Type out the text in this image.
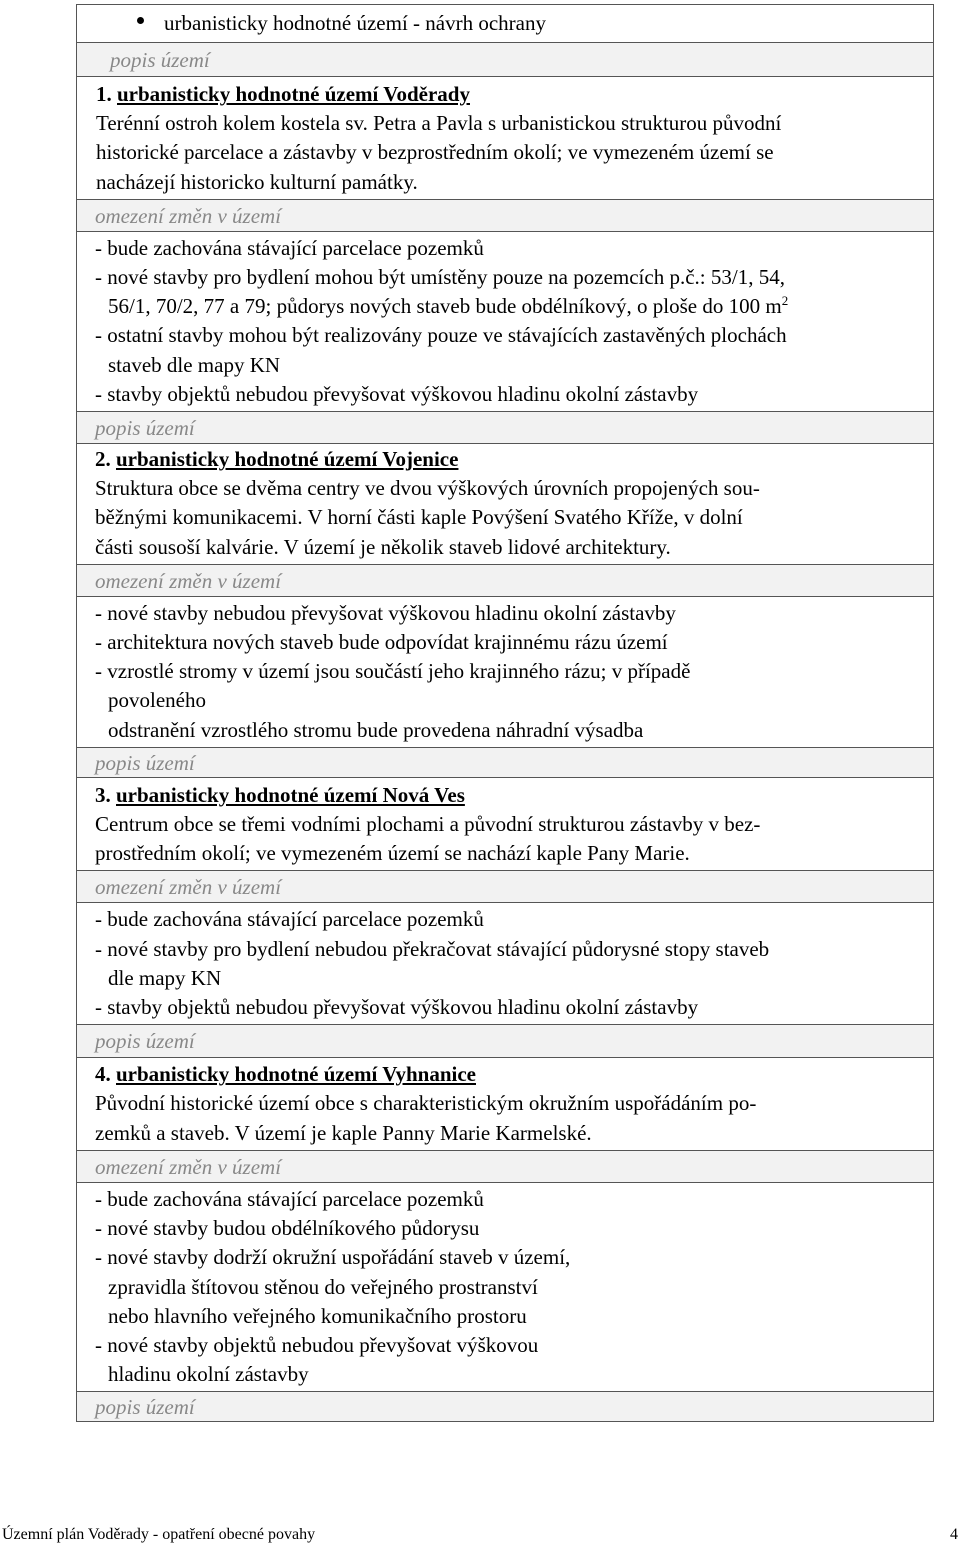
urbanisticky hodnotné území - návrh ochrany
popis území
1. urbanisticky hodnotné území Voděrady
Terénní ostroh kolem kostela sv. Petra a Pavla s urbanistickou strukturou původní
historické parcelace a zástavby v bezprostředním okolí; ve vymezeném území se
nacházejí historicko kulturní památky.
omezení změn v území
- bude zachována stávající parcelace pozemků
- nové stavby pro bydlení mohou být umístěny pouze na pozemcích p.č.: 53/1, 54,
56/1, 70/2, 77 a 79; půdorys nových staveb bude obdélníkový, o ploše do 100 $m^2$
- ostatní stavby mohou být realizovány pouze ve stávajících zastavěných plochách
staveb dle mapy KN
- stavby objektů nebudou převyšovat výškovou hladinu okolní zástavby
popis území
2. urbanisticky hodnotné území Vojenice
Struktura obce se dvěma centry ve dvou výškových úrovních propojených sou-
běžnými komunikacemi. V horní části kaple Povýšení Svatého Kříže, v dolní
části sousoší kalvárie. V území je několik staveb lidové architektury.
omezení změn v území
- nové stavby nebudou převyšovat výškovou hladinu okolní zástavby
- architektura nových staveb bude odpovídat krajinnému rázu území
- vzrostlé stromy v území jsou součástí jeho krajinného rázu; v případě
povoleného
odstranění vzrostlého stromu bude provedena náhradní výsadba
popis území
3. urbanisticky hodnotné území Nová Ves
Centrum obce se třemi vodními plochami a původní strukturou zástavby v bez-
prostředním okolí; ve vymezeném území se nachází kaple Pany Marie.
omezení změn v území
- bude zachována stávající parcelace pozemků
- nové stavby pro bydlení nebudou překračovat stávající půdorysné stopy staveb
dle mapy KN
- stavby objektů nebudou převyšovat výškovou hladinu okolní zástavby
popis území
4. urbanisticky hodnotné území Vyhnanice
Původní historické území obce s charakteristickým okružním uspořádáním po-
zemků a staveb. V území je kaple Panny Marie Karmelské.
omezení změn v území
- bude zachována stávající parcelace pozemků
- nové stavby budou obdélníkového půdorysu
- nové stavby dodrží okružní uspořádání staveb v území,
zpravidla štítovou stěnou do veřejného prostranství
nebo hlavního veřejného komunikačního prostoru
- nové stavby objektů nebudou převyšovat výškovou
hladinu okolní zástavby
popis území
Územní plán Voděrady - opatření obecné povahy	4
